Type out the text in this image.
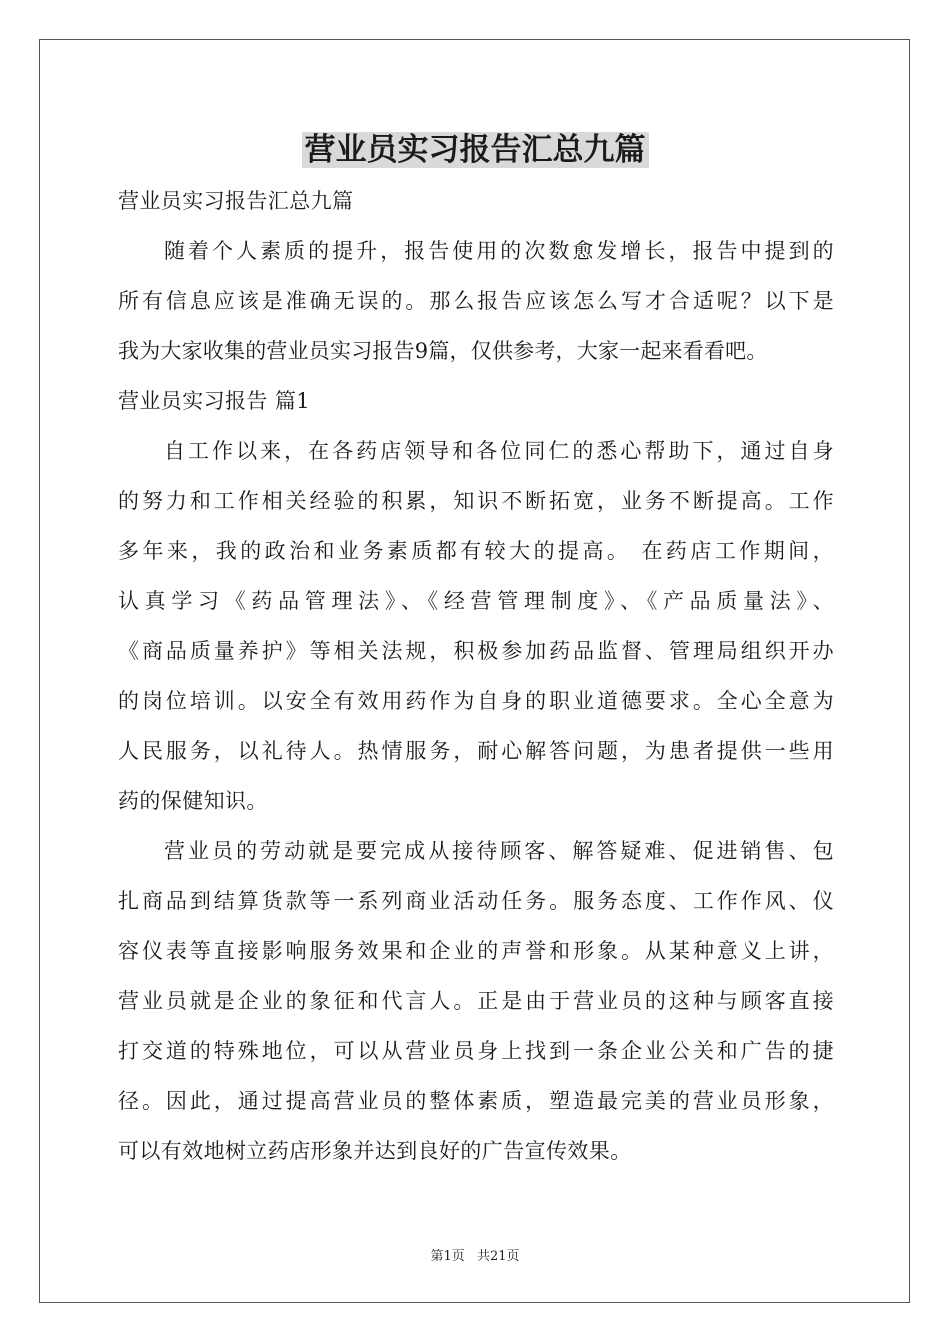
营业员实习报告汇总九篇

营业员实习报告汇总九篇

随着个人素质的提升，报告使用的次数愈发增长，报告中提到的

所有信息应该是准确无误的。那么报告应该怎么写才合适呢？以下是

我为大家收集的营业员实习报告9篇，仅供参考，大家一起来看看吧。

营业员实习报告 篇1

自工作以来，在各药店领导和各位同仁的悉心帮助下，通过自身

的努力和工作相关经验的积累，知识不断拓宽，业务不断提高。工作

多年来，我的政治和业务素质都有较大的提高。 在药店工作期间，

认真学习《药品管理法》、《经营管理制度》、《产品质量法》、

《商品质量养护》等相关法规，积极参加药品监督、管理局组织开办

的岗位培训。以安全有效用药作为自身的职业道德要求。全心全意为

人民服务，以礼待人。热情服务，耐心解答问题，为患者提供一些用

药的保健知识。

营业员的劳动就是要完成从接待顾客、解答疑难、促进销售、包

扎商品到结算货款等一系列商业活动任务。服务态度、工作作风、仪

容仪表等直接影响服务效果和企业的声誉和形象。从某种意义上讲，

营业员就是企业的象征和代言人。正是由于营业员的这种与顾客直接

打交道的特殊地位，可以从营业员身上找到一条企业公关和广告的捷

径。因此，通过提高营业员的整体素质，塑造最完美的营业员形象，

可以有效地树立药店形象并达到良好的广告宣传效果。

第1页 共21页
